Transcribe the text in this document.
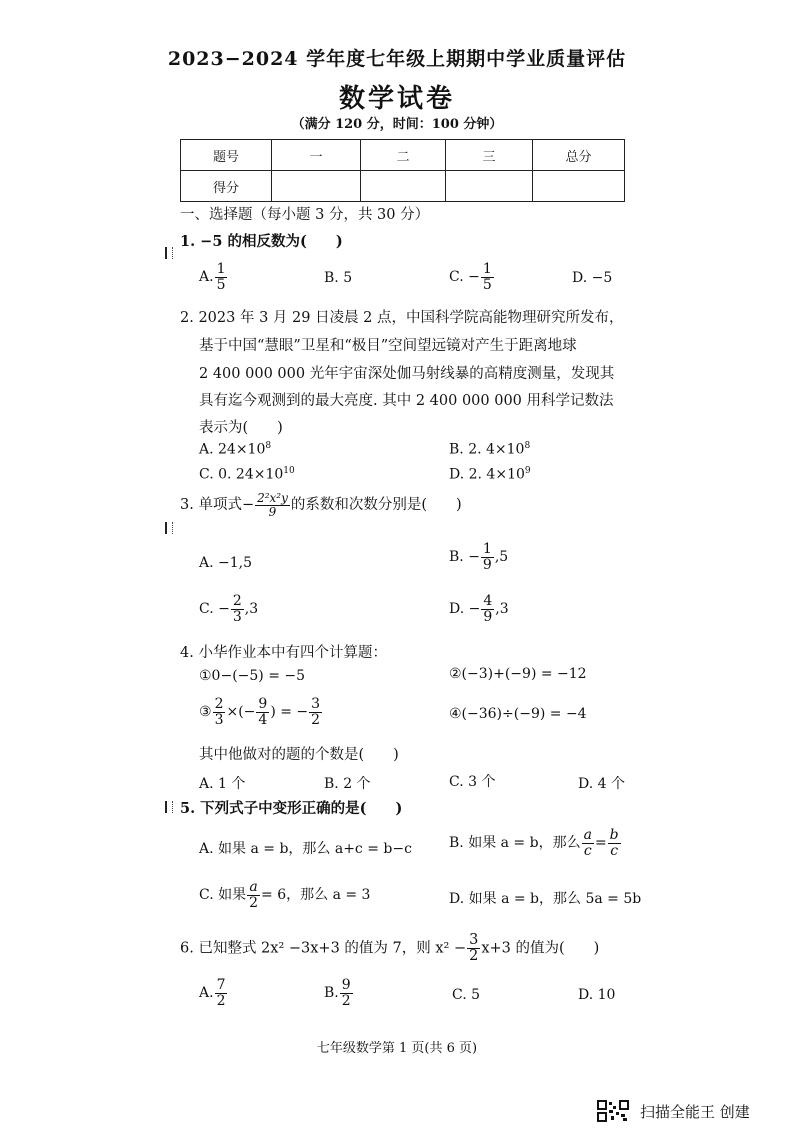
2023−2024 学年度七年级上期期中学业质量评估
数学试卷
（满分 120 分，时间：100 分钟）
题号	一	二	三	总分
得分				
一、选择题（每小题 3 分，共 30 分）
1. −5 的相反数为(　　)
A. $\frac{1}{5}$	B. 5	C. − $\frac{1}{5}$	D. −5
2. 2023 年 3 月 29 日凌晨 2 点，中国科学院高能物理研究所发布，
基于中国“慧眼”卫星和“极目”空间望远镜对产生于距离地球
2 400 000 000 光年宇宙深处伽马射线暴的高精度测量，发现其
具有迄今观测到的最大亮度. 其中 2 400 000 000 用科学记数法
表示为(　　)
A. $24\times 10^8$	B. 2. $4\times 10^8$
C. 0. $24\times 10^{10}$	D. 2. $4\times 10^9$
3. 单项式− $\frac{\text{2²x²y}}{9}$ 的系数和次数分别是(　　)
A. −1,5	B. − $\frac{1}{9} ,5$
C. − $\frac{2}{3} ,3$	D. − $\frac{4}{9} ,3$
4. 小华作业本中有四个计算题：
①0−(−5) = −5	②(−3)+(−9) = −12
③ $\frac{2}{3}$ ×(− $\frac{9}{4}$ ) = − $\frac{3}{2}$	④(−36)÷(−9) = −4
其中他做对的题的个数是(　　)
A. 1 个	B. 2 个	C. 3 个	D. 4 个
5. 下列式子中变形正确的是(　　)
A. 如果 a = b，那么 a+c = b−c	B. 如果 a = b，那么 $\frac{a}{c} = \frac{b}{c}$
C. 如果 $\frac{a}{2} = 6$，那么 a = 3	D. 如果 a = b，那么 5a = 5b
6. 已知整式 2x² −3x+3 的值为 7，则 $x^2 - \frac{3}{2} x+3$ 的值为(　　)
A. $\frac{7}{2}$	B. $\frac{9}{2}$	C. 5	D. 10
七年级数学第 1 页(共 6 页)
扫描全能王 创建
